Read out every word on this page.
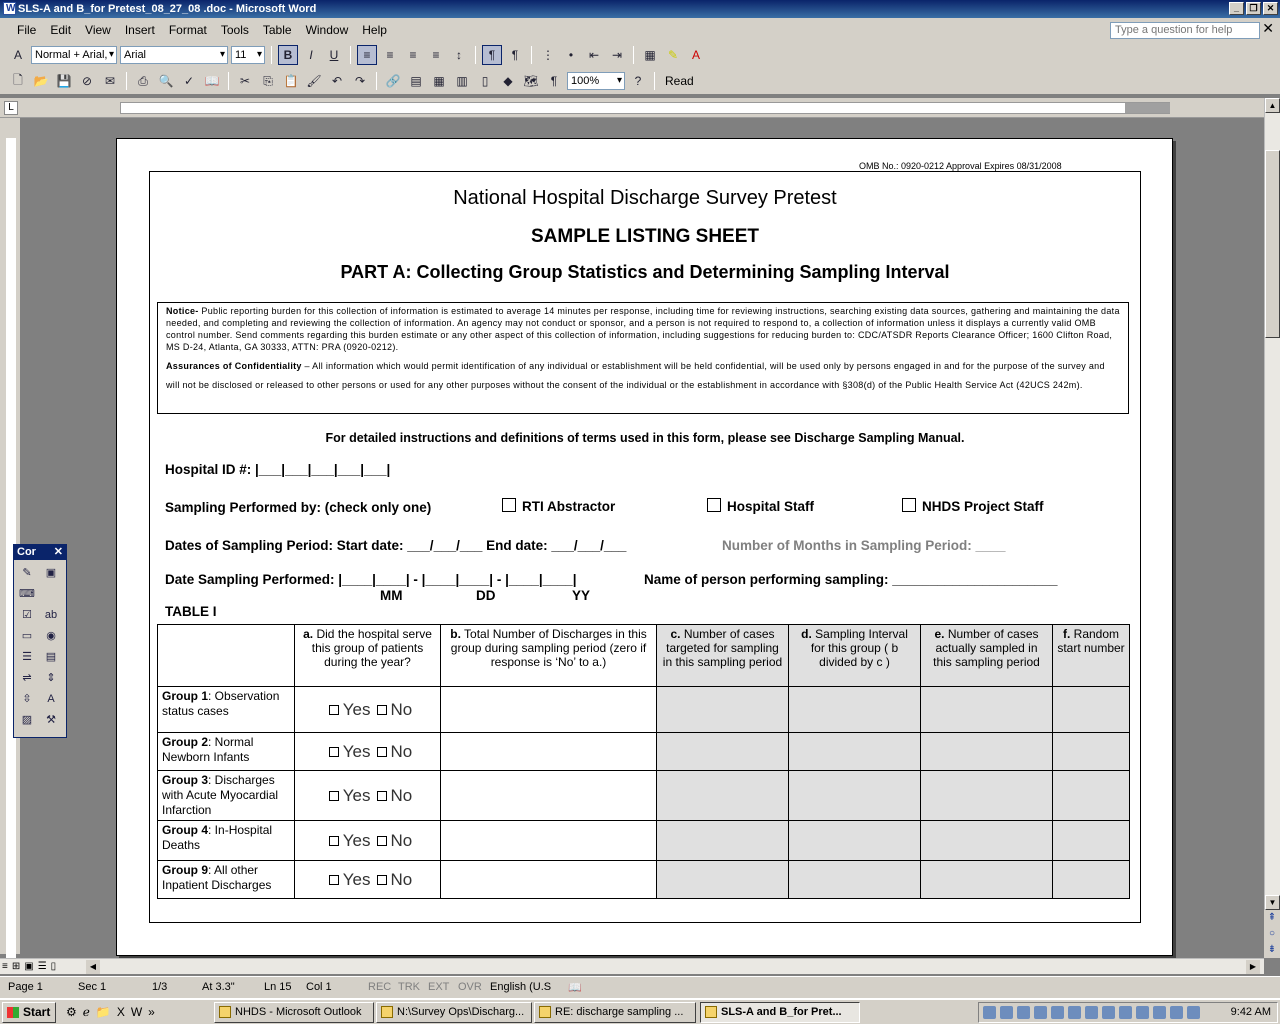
W
SLS-A and B_for Pretest_08_27_08 .doc - Microsoft Word	_	❐	✕
File	Edit	View	Insert	Format	Tools	Table	Window	Help	Type a question for help	✕
A	Normal + Arial, ▾	Arial ▾	11 ▾	B I U	≡	≡	≡	≡	↕	¶	¶	⋮	•	⇤	⇥	▦	✎	A
🗋 📂 💾 ⊘	✉	⎙ 🔍 ✓ 📖	✂	⎘ 📋 🖌 ↶	↷	🔗 ▤ ▦ ▥	▯	◆ 🗺	¶	100% ▾	?	Read
L	▲
▼
⇞
○
⇟
OMB No.: 0920-0212 Approval Expires 08/31/2008
National Hospital Discharge Survey Pretest
SAMPLE LISTING SHEET
PART A: Collecting Group Statistics and Determining Sampling Interval

Notice- Public reporting burden for this collection of information is estimated to average 14 minutes per response, including time for reviewing instructions, searching existing data sources, gathering and maintaining the data needed, and completing and reviewing the collection of information. An agency may not conduct or sponsor, and a person is not required to respond to, a collection of information unless it displays a currently valid OMB control number. Send comments regarding this burden estimate or any other aspect of this collection of information, including suggestions for reducing burden to: CDC/ATSDR Reports Clearance Officer; 1600 Clifton Road, MS D-24, Atlanta, GA 30333, ATTN: PRA (0920-0212).

Assurances of Confidentiality – All information which would permit identification of any individual or establishment will be held confidential, will be used only by persons engaged in and for the purpose of the survey and will not be disclosed or released to other persons or used for any other purposes without the consent of the individual or the establishment in accordance with §308(d) of the Public Health Service Act (42UCS 242m).

For detailed instructions and definitions of terms used in this form, please see Discharge Sampling Manual.
Hospital ID #: |___|___|___|___|___|
Sampling Performed by: (check only one)	RTI Abstractor	Hospital Staff	NHDS Project Staff
Dates of Sampling Period: Start date: ___/___/___ End date: ___/___/___	Number of Months in Sampling Period: ____
Date Sampling Performed: |____|____| - |____|____| - |____|____|	Name of person performing sampling: ______________________
MM	DD	YY
TABLE I
	a. Did the hospital serve this group of patients during the year?	b. Total Number of Discharges in this group during sampling period (zero if response is ‘No’ to a.)	c. Number of cases targeted for sampling in this sampling period	d. Sampling Interval for this group ( b divided by c )	e. Number of cases actually sampled in this sampling period	f. Random start number
Group 1: Observation status cases	Yes No					
Group 2: Normal Newborn Infants	Yes No					
Group 3: Discharges with Acute Myocardial Infarction	Yes No					
Group 4: In-Hospital Deaths	Yes No					
Group 9: All other Inpatient Discharges	Yes No					
Cor ✕
✎	▣
⌨
☑	ab
▭	◉
☰	▤
⇌	⇕
⇳	A
▨	⚒
≡ ⊞ ▣ ☰ ▯	◀	▶
Page 1	Sec 1	1/3	At 3.3"	Ln 15 Col 1	REC TRK EXT OVR English (U.S 📖
Start	⚙ ℯ 📁 X W »	NHDS - Microsoft Outlook	N:\Survey Ops\Discharg...	RE: discharge sampling ...	SLS-A and B_for Pret...	9:42 AM
